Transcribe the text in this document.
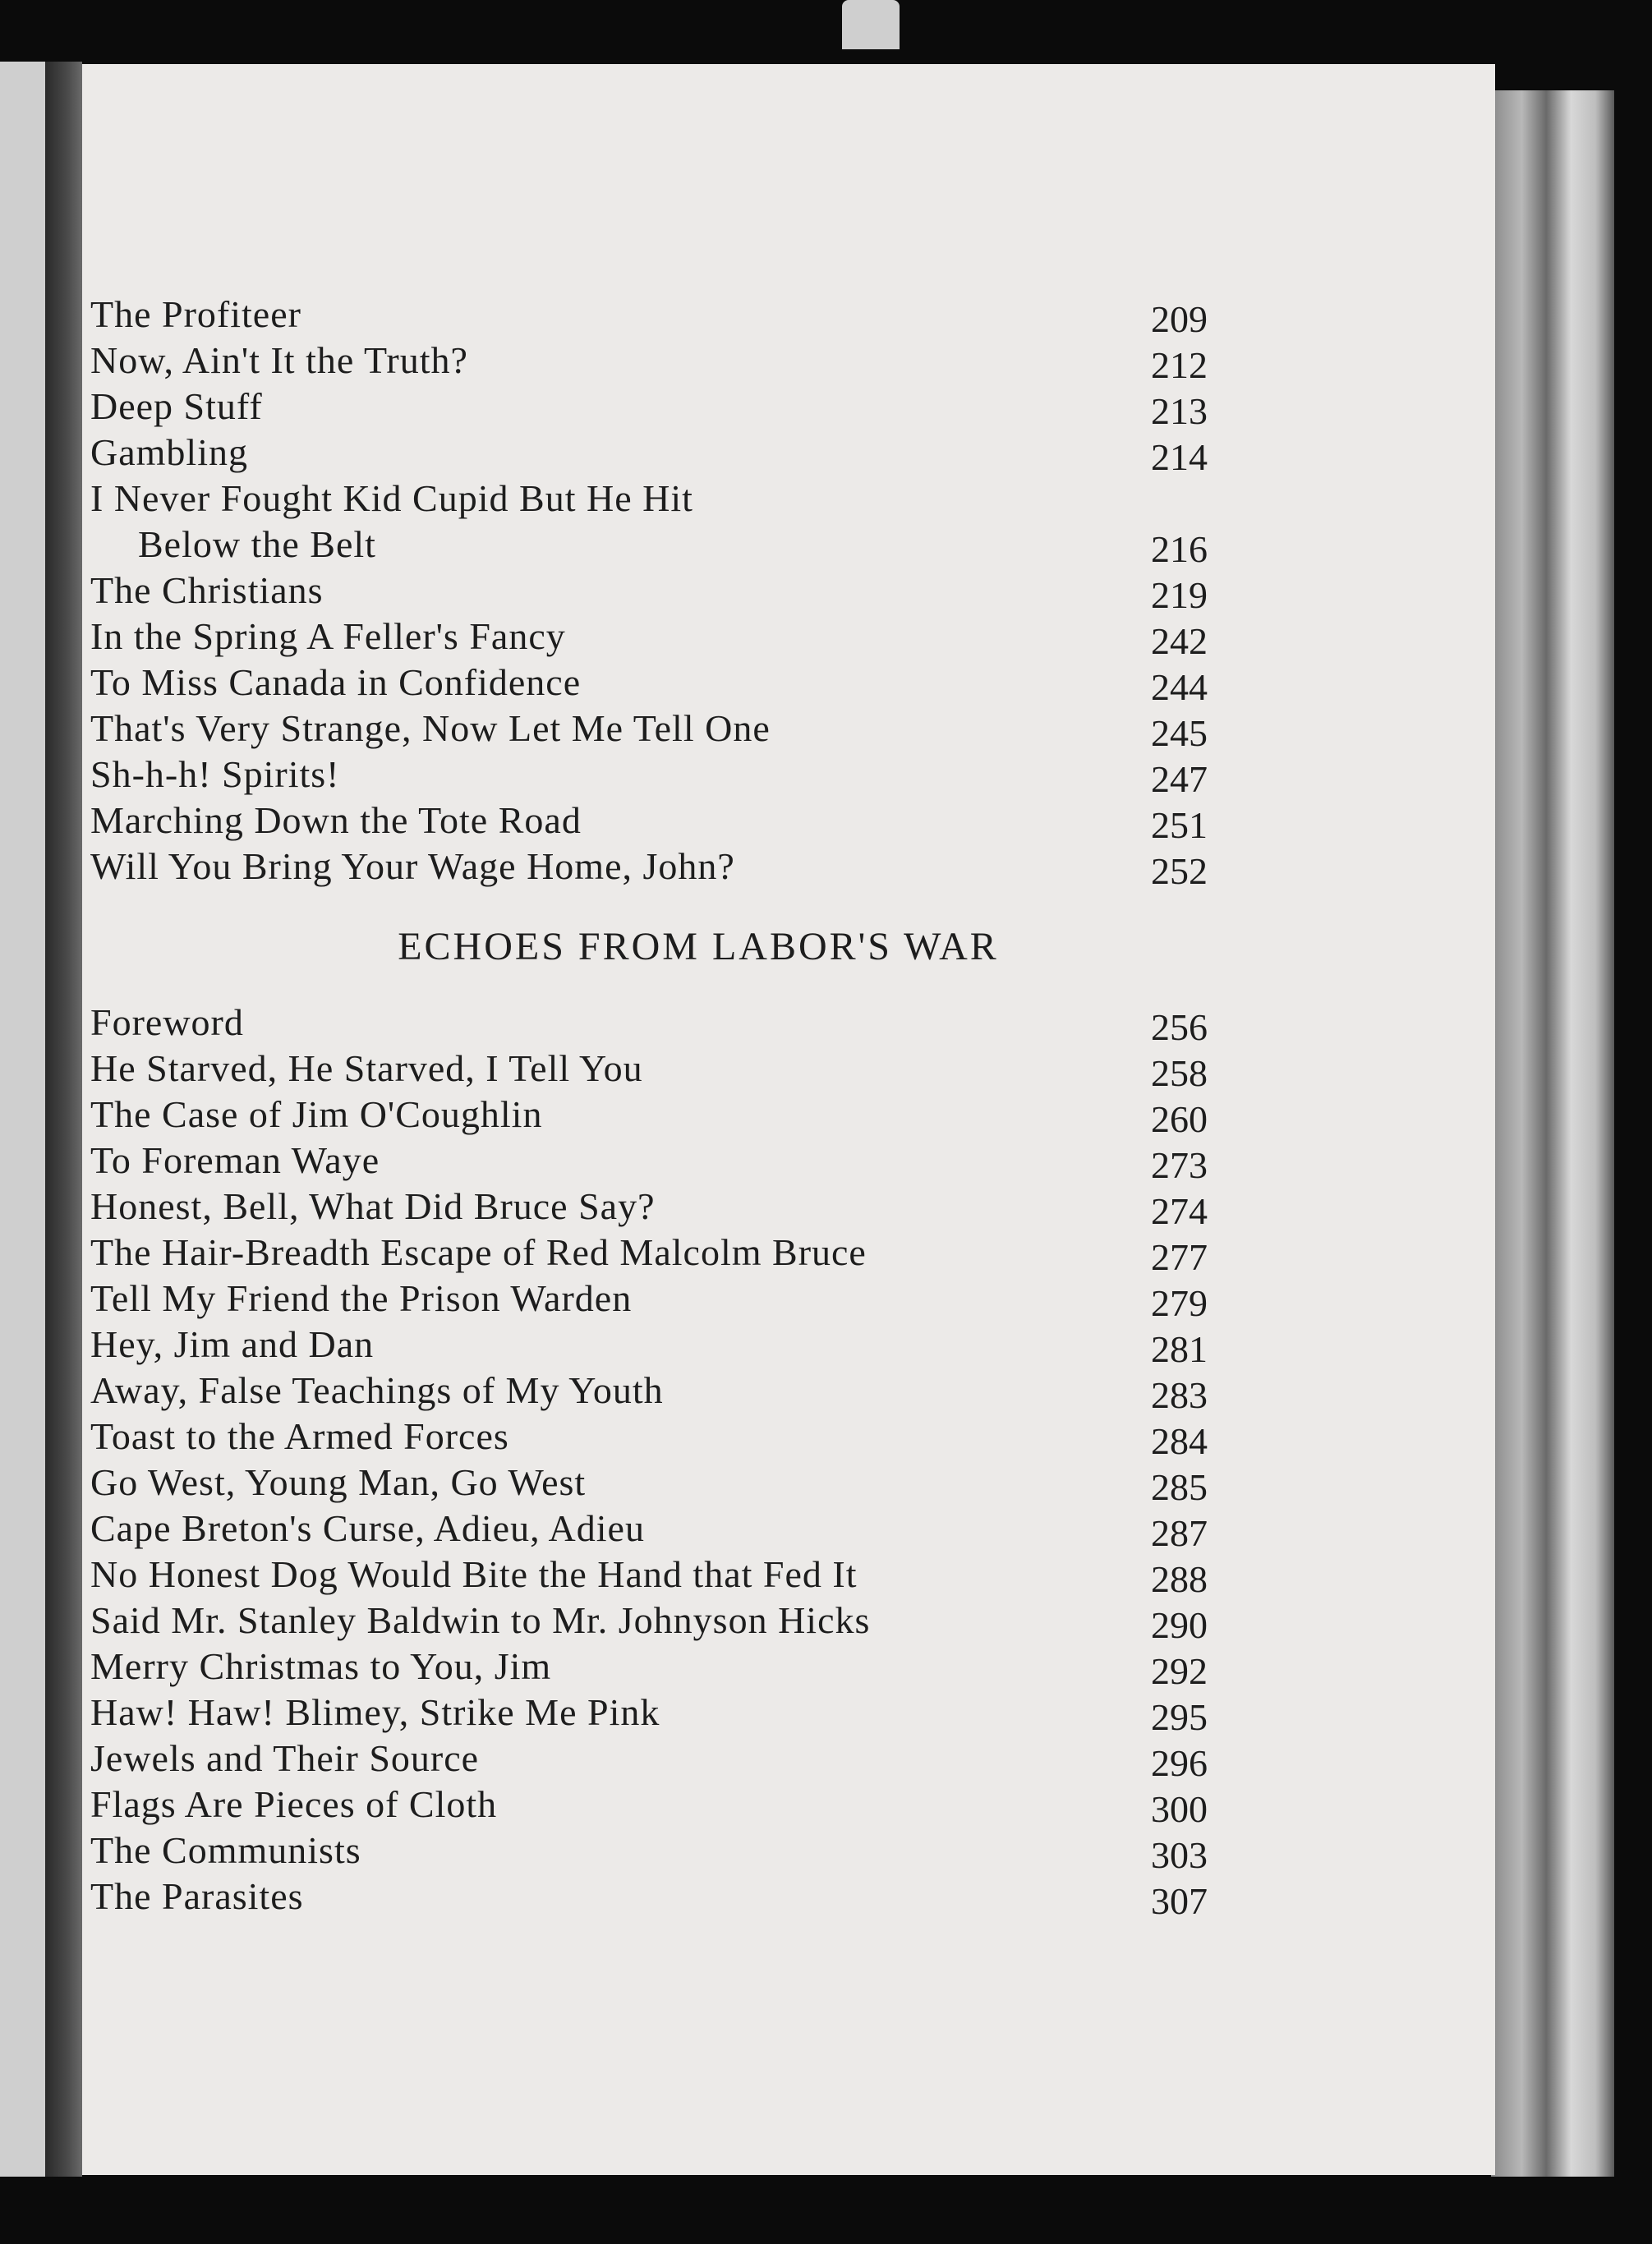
The Profiteer	209
Now, Ain't It the Truth?	212
Deep Stuff	213
Gambling	214
I Never Fought Kid Cupid But He Hit
Below the Belt	216
The Christians	219
In the Spring A Feller's Fancy	242
To Miss Canada in Confidence	244
That's Very Strange, Now Let Me Tell One	245
Sh-h-h! Spirits!	247
Marching Down the Tote Road	251
Will You Bring Your Wage Home, John?	252
ECHOES FROM LABOR'S WAR
Foreword	256
He Starved, He Starved, I Tell You	258
The Case of Jim O'Coughlin	260
To Foreman Waye	273
Honest, Bell, What Did Bruce Say?	274
The Hair-Breadth Escape of Red Malcolm Bruce	277
Tell My Friend the Prison Warden	279
Hey, Jim and Dan	281
Away, False Teachings of My Youth	283
Toast to the Armed Forces	284
Go West, Young Man, Go West	285
Cape Breton's Curse, Adieu, Adieu	287
No Honest Dog Would Bite the Hand that Fed It	288
Said Mr. Stanley Baldwin to Mr. Johnyson Hicks	290
Merry Christmas to You, Jim	292
Haw! Haw! Blimey, Strike Me Pink	295
Jewels and Their Source	296
Flags Are Pieces of Cloth	300
The Communists	303
The Parasites	307
